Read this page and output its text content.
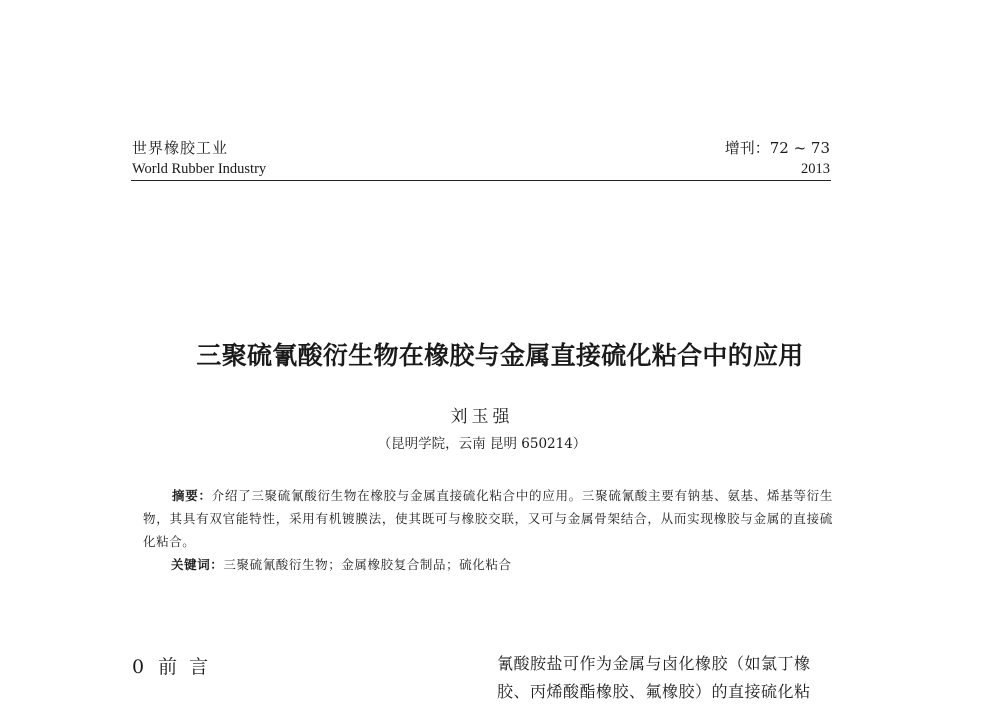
世界橡胶工业
World Rubber Industry
增刊：72 ~ 73
2013
三聚硫氰酸衍生物在橡胶与金属直接硫化粘合中的应用
刘玉强
（昆明学院，云南 昆明 650214）
摘要：介绍了三聚硫氰酸衍生物在橡胶与金属直接硫化粘合中的应用。三聚硫氰酸主要有钠基、氨基、烯基等衍生物，其具有双官能特性，采用有机镀膜法，使其既可与橡胶交联，又可与金属骨架结合，从而实现橡胶与金属的直接硫化粘合。
关键词：三聚硫氰酸衍生物；金属橡胶复合制品；硫化粘合
0 前言	氰酸胺盐可作为金属与卤化橡胶（如氯丁橡
胶、丙烯酸酯橡胶、氟橡胶）的直接硫化粘
